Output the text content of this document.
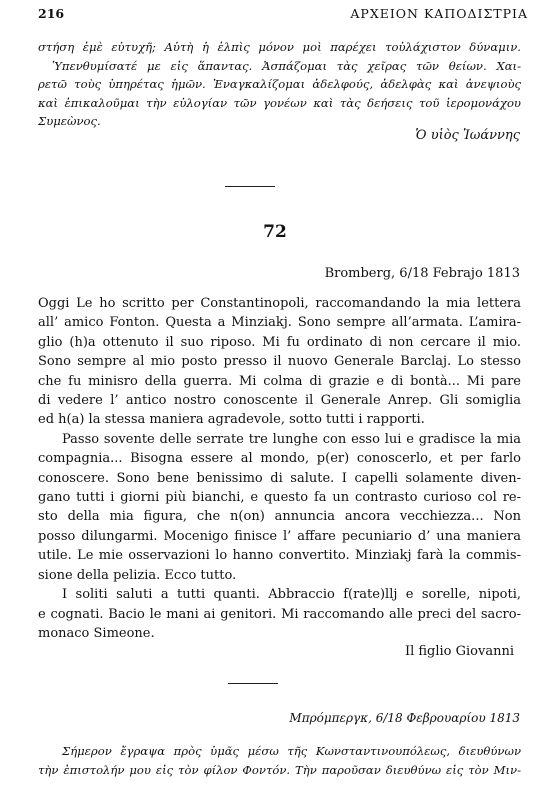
216	ΑΡΧΕΙΟΝ ΚΑΠΟΔΙΣΤΡΙΑ
στήση ἐμὲ εὐτυχῆ; Αὐτὴ ἡ ἐλπὶς μόνον μοὶ παρέχει τοὐλάχιστον δύναμιν.
Ὑπενθυμίσατέ με εἰς ἅπαντας. Ἀσπάζομαι τὰς χεῖρας τῶν θείων. Χαι-
ρετῶ τοὺς ὑπηρέτας ἡμῶν. Ἐναγκαλίζομαι ἀδελφούς, ἀδελφὰς καὶ ἀνεψιοὺς
καὶ ἐπικαλοῦμαι τὴν εὐλογίαν τῶν γονέων καὶ τὰς δεήσεις τοῦ ἱερομονάχου
Συμεὼνος.
Ὁ υἱὸς Ἰωάννης
72
Bromberg, 6/18 Febrajo 1813
Oggi Le ho scritto per Constantinopoli, raccomandando la mia lettera
all’ amico Fonton. Questa a Minziakj. Sono sempre all’armata. L’amira-
glio (h)a ottenuto il suo riposo. Mi fu ordinato di non cercare il mio.
Sono sempre al mio posto presso il nuovo Generale Barclaj. Lo stesso
che fu minisro della guerra. Mi colma di grazie e di bontà... Mi pare
di vedere l’ antico nostro conoscente il Generale Anrep. Gli somiglia
ed h(a) la stessa maniera agradevole, sotto tutti i rapporti.
Passo sovente delle serrate tre lunghe con esso lui e gradisce la mia
compagnia... Bisogna essere al mondo, p(er) conoscerlo, et per farlo
conoscere. Sono bene benissimo di salute. I capelli solamente diven-
gano tutti i giorni più bianchi, e questo fa un contrasto curioso col re-
sto della mia figura, che n(on) annuncia ancora vecchiezza... Non
posso dilungarmi. Mocenigo finisce l’ affare pecuniario d’ una maniera
utile. Le mie osservazioni lo hanno convertito. Minziakj farà la commis-
sione della pelizia. Ecco tutto.
I soliti saluti a tutti quanti. Abbraccio f(rate)llj e sorelle, nipoti,
e cognati. Bacio le mani ai genitori. Mi raccomando alle preci del sacro-
monaco Simeone.
Il figlio Giovanni
Μπρόμπεργκ, 6/18 Φεβρουαρίου 1813
Σήμερον ἔγραψα πρὸς ὑμᾶς μέσω τῆς Κωνσταντινουπόλεως, διευθύνων
τὴν ἐπιστολήν μου εἰς τὸν φίλον Φοντόν. Τὴν παροῦσαν διευθύνω εἰς τὸν Μιν-
